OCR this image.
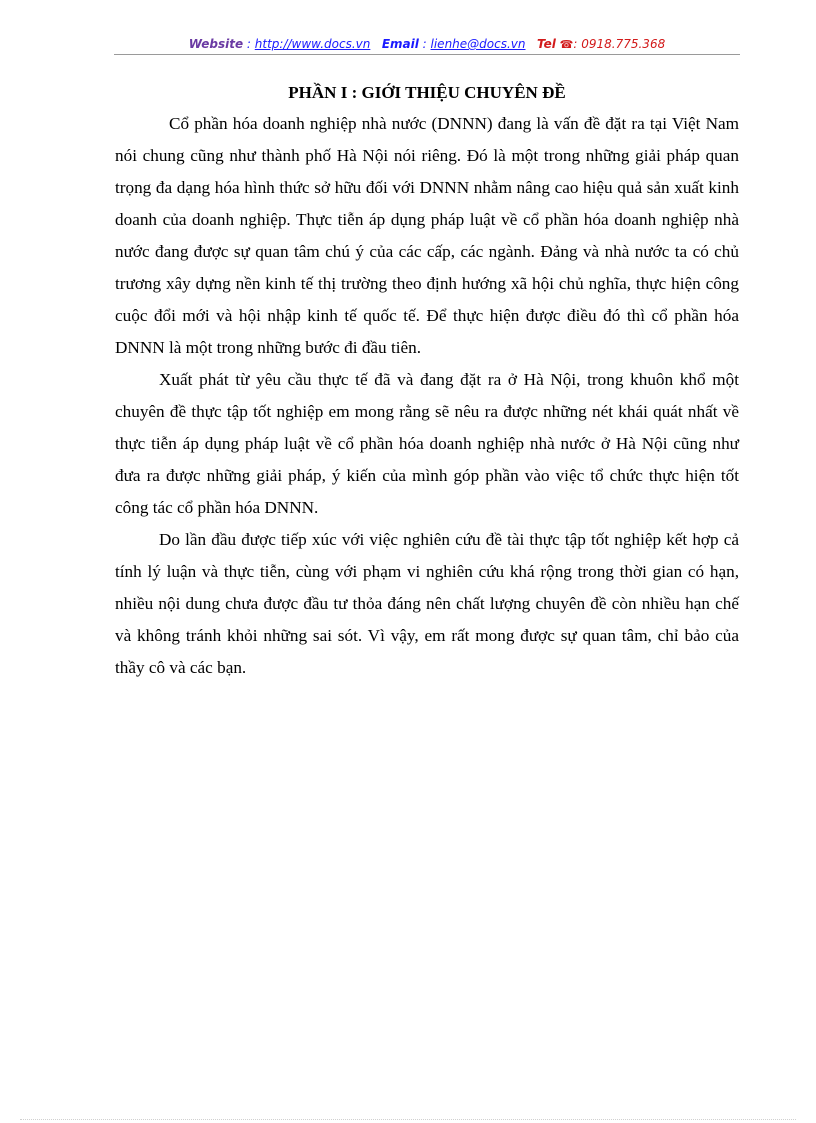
Website : http://www.docs.vn Email : lienhe@docs.vn Tel ☎: 0918.775.368
PHẦN I : GIỚI THIỆU CHUYÊN ĐỀ

Cổ phần hóa doanh nghiệp nhà nước (DNNN) đang là vấn đề đặt ra tại Việt Nam nói chung cũng như thành phố Hà Nội nói riêng. Đó là một trong những giải pháp quan trọng đa dạng hóa hình thức sở hữu đối với DNNN nhằm nâng cao hiệu quả sản xuất kinh doanh của doanh nghiệp. Thực tiễn áp dụng pháp luật về cổ phần hóa doanh nghiệp nhà nước đang được sự quan tâm chú ý của các cấp, các ngành. Đảng và nhà nước ta có chủ trương xây dựng nền kinh tế thị trường theo định hướng xã hội chủ nghĩa, thực hiện công cuộc đổi mới và hội nhập kinh tế quốc tế. Để thực hiện được điều đó thì cổ phần hóa DNNN là một trong những bước đi đầu tiên.

Xuất phát từ yêu cầu thực tế đã và đang đặt ra ở Hà Nội, trong khuôn khổ một chuyên đề thực tập tốt nghiệp em mong rằng sẽ nêu ra được những nét khái quát nhất về thực tiễn áp dụng pháp luật về cổ phần hóa doanh nghiệp nhà nước ở Hà Nội cũng như đưa ra được những giải pháp, ý kiến của mình góp phần vào việc tổ chức thực hiện tốt công tác cổ phần hóa DNNN.

Do lần đầu được tiếp xúc với việc nghiên cứu đề tài thực tập tốt nghiệp kết hợp cả tính lý luận và thực tiễn, cùng với phạm vi nghiên cứu khá rộng trong thời gian có hạn, nhiều nội dung chưa được đầu tư thỏa đáng nên chất lượng chuyên đề còn nhiều hạn chế và không tránh khỏi những sai sót. Vì vậy, em rất mong được sự quan tâm, chỉ bảo của thầy cô và các bạn.
